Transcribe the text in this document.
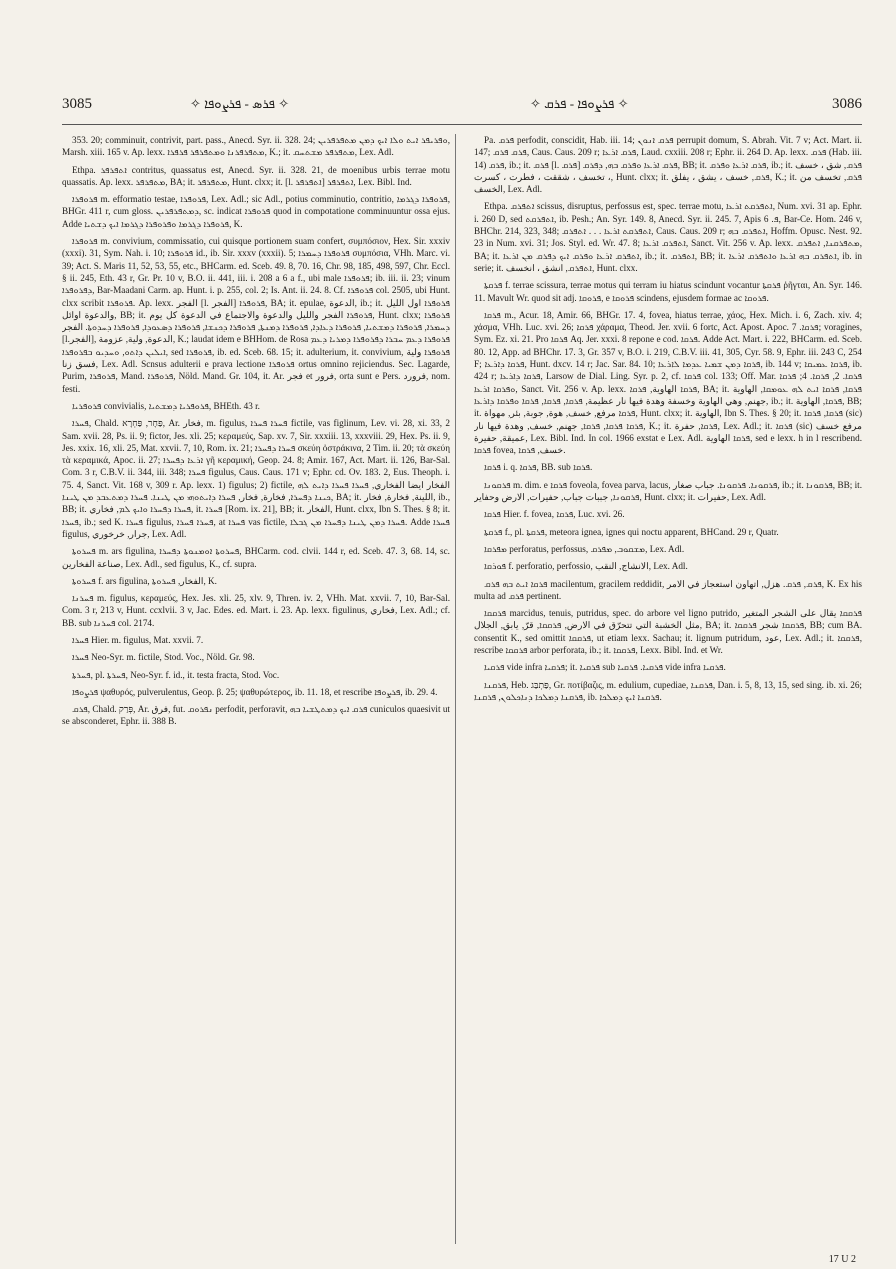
3085	✧ ܦܪܣ - ܦܪܨܘܦܐ ✧	✧ ܦܪܨܘܦܐ - ܦܪܩ ✧	3086

353. 20; comminuit, contrivit, part. pass., Anecd. Syr. ii. 328. 24; ܘܦܪܝܦܪ ܐܝܬ ܘܠܐ ܐܝܟ ܕܡܢ ܡܬܦܪܦܪܝܢ, Marsh. xiii. 165 v. Ap. lexx. ܡܬܦܪܦܪܢܐ ܘܡܬܦܪܦܪ ܦܪܦܪܐ, K.; it. ܡܬܦܪܦܪ ܡܫܬܚܩ, Lex. Adl.

Ethpa. ܐܬܦܪܦܪ contritus, quassatus est, Anecd. Syr. ii. 328. 21, de moenibus urbis terrae motu quassatis. Ap. lexx. ܡܬܦܪܦܪ, BA; it. ܡܬܦܪܦܪ, Hunt. clxx; it. [l. ܐܬܦܪܦܪ] ܐܬܦܪܦܪ, Lex. Bibl. Ind.

ܦܪܘܦܪܐ m. efformatio testae, ܦܪܘܦܪܐ, Lex. Adl.; sic Adl., potius comminutio, contritio, ܦܪܘܦܪܐ ܕܓܪܡܐ, BHGr. 411 r, cum gloss. ܕܡܬܦܪܦܪܝܢ, sc. indicat ܦܪܘܦܪܐ quod in compotatione comminuuntur ossa ejus. Adde ܦܪܘܦܪܐ ܕܓܪܡܐ ܘܦܪܘܦܪܐ ܕܓܪܡܐ ܐܝܟ ܕܫܬܝܐ, K.

ܦܪܘܦܪܐ m. convivium, commissatio, cui quisque portionem suam confert, συμπόσιον, Hex. Sir. xxxiv (xxxi). 31, Sym. Nah. i. 10; ܦܪܘܦܪܐ id., ib. Sir. xxxv (xxxii). 5; ܦܪܘܦܪܐ ܕܚܡܪܐ συμπόσια, VHh. Marc. vi. 39; Act. S. Maris 11, 52, 53, 55, etc., BHCarm. ed. Sceb. 49. 8, 70. 16, Chr. 98, 185, 498, 597, Chr. Eccl. § ii. 245, Eth. 43 r, Gr. Pr. 10 v, B.O. ii. 441, iii. i. 208 a 6 a f., ubi male ܦܪܘܦܪܐ; ib. iii. ii. 23; vinum ܕܦܪܘܦܪܐ, Bar-Maadani Carm. ap. Hunt. i. p. 255, col. 2; Is. Ant. ii. 24. 8. Cf. ܦܪܘܦܪܐ col. 2505, ubi Hunt. clxx scribit ܦܪܘܦܪܐ. Ap. lexx. الفجر [l. الفجر] ܦܪܘܦܪܐ, BA; it. epulae, الدعوة, ib.; it. ܦܪܘܦܪܐ اول الليل والدعوة اوائل, BB; it. ܦܪܘܦܪܐ الفجر والليل والدعوة والاجتماع في الدعوة كل يوم, Hunt. clxx; ܦܪܘܦܪܐ ܕܚܡܪܐ, ܦܪܘܦܪܐ ܕܡܫܬܝܐ, ܦܪܘܦܪܐ ܕܥܐܕܐ, ܦܪܘܦܪܐ ܕܡܢܬܐ, ܦܪܘܦܪܐ ܕܟܢܫܐ, ܦܪܘܦܪܐ ܕܣܥܘܕܐ, ܦܪܘܦܪܐ ܕܚܕܘܬܐ. الفجر [l.الفجر], الدعوة, ولية, عزومة, K.; laudat idem e BHHom. de Rosa ܦܪܘܦܪܐ ܕܥܡ ܚܒܪܐ ܕܦܪܘܦܪܐ ܕܡܪܝܐ ܕܥܡ ܐܝܠܝܢ ܕܐܬܘ, ܘܚܕܝܘ ܒܦܪܘܦܪܐ, sed ܦܪܘܦܪܐ, ib. ed. Sceb. 68. 15; it. adulterium, it. convivium, ܦܪܘܦܪܐ ولية فسق زنا, Lex. Adl. Scnsus adulterii e prava lectione ܦܪܘܦܪܐ ortus omnino rejiciendus. Sec. Lagarde, Purim, ܦܪܘܦܪܐ, Mand. ܦܪܘܦܪܐ, Nöld. Mand. Gr. 104, it. Ar. فجر et فرور, orta sunt e Pers. فرورد, nom. festi.

ܦܪܘܦܪܝܐ convivialis, ܦܪܘܦܪܝܐ ܕܡܫܬܝܐ, BHEth. 43 r.

ܦܚܪܐ, Chald. פַּחָר, פַּחְרָא, Ar. فخار, m. figulus, ܦܚܪܐ ܦܚܪܐ fictile, vas figlinum, Lev. vi. 28, xi. 33, 2 Sam. xvii. 28, Ps. ii. 9; fictor, Jes. xli. 25; κεραμεύς, Sap. xv. 7, Sir. xxxiii. 13, xxxviii. 29, Hex. Ps. ii. 9, Jes. xxix. 16, xli. 25, Mat. xxvii. 7, 10, Rom. ix. 21; ܦܚܪܐ ܕܦܚܪܐ σκεύη ὀστράκινα, 2 Tim. ii. 20; τὰ σκεύη τὰ κεραμικά, Apoc. ii. 27; ܐܪܥܐ ܕܦܚܪܐ γῆ κεραμική, Geop. 24. 8; Amir. 167, Act. Mart. ii. 126, Bar-Sal. Com. 3 r, C.B.V. ii. 344, iii. 348; ܦܚܪܐ figulus, Caus. Caus. 171 v; Ephr. cd. Ov. 183. 2, Eus. Theoph. i. 75. 4, Sanct. Vit. 168 v, 309 r. Ap. lexx. 1) figulus; 2) fictile, الفخار ايضا الفخاري, ܦܚܪܐ ܦܚܪܐ ܕܐܝܬ ܠܗ ܟܝܢܐ ܕܦܚܪܐ, فخارة, فخار, ܦܚܪܐ ܕܐܝܬܘܗܝ ܡܢ ܛܝܢܐ. ܦܚܪܐ ܕܡܬܥܒܕ ܡܢ ܛܝܢܐ, BA; it. اللينة, فخارة, فخار, ib., BB; it. ܦܚܪܐ ܕܦܚܪܐ ܘܐܝܟ ܠܡ, فخاري, it. ܦܚܪܐ [Rom. ix. 21], BB; it. الفخار, Hunt. clxx, Ibn S. Thes. § 8; it. ܦܚܪܐ, ib.; sed K. ܦܚܪܐ figulus, ܦܚܪܐ ܦܚܪܐ, at ܦܚܪܐ vas fictile, ܦܚܪܐ ܕܡܢ ܛܝܢܐ ܕܦܚܪܐ ܡܢ ܓܒܠܐ. Adde ܦܚܪܐ figulus, جرار, خرخوري, Lex. Adl.

ܦܚܪܘܬܐ m. ars figulina, ܦܚܪܘܬܐ ܐܘܡܢܘܬܐ ܕܦܚܪܐ, BHCarm. cod. clvii. 144 r, ed. Sceb. 47. 3, 68. 14, sc. صناعة الفخارين, Lex. Adl., sed figulus, K., cf. supra.

ܦܚܪܘܬܐ f. ars figulina, الفخار, ܦܚܪܘܬܐ, K.

ܦܚܪܢܐ m. figulus, κεραμεύς, Hex. Jes. xli. 25, xlv. 9, Thren. iv. 2, VHh. Mat. xxvii. 7, 10, Bar-Sal. Com. 3 r, 213 v, Hunt. ccxlvii. 3 v, Jac. Edes. ed. Mart. i. 23. Ap. lexx. figulinus, فخاري, Lex. Adl.; cf. BB. sub ܦܚܪܢܐ col. 2174.

ܦܚܪܐ Hier. m. figulus, Mat. xxvii. 7.

ܦܚܪܐ Neo-Syr. m. fictile, Stod. Voc., Nöld. Gr. 98.

ܦܚܪܬܐ, pl. ܦܚܪܬܐ, Neo-Syr. f. id., it. testa fracta, Stod. Voc.

ܦܪܨܘܦܐ ψαθυρός, pulverulentus, Geop. β. 25; ψαθυρώτερος, ib. 11. 18, et rescribe ܦܪܨܘܦܐ, ib. 29. 4.

ܦܪܩ, Chald. פְּרַק, Ar. فرق, fut. ܢܦܪܘܩ perfodit, perforavit, ܦܪܩ ܐܝܟ ܕܡܬܛܫܝܐ ܒܗ cuniculos quaesivit ut se absconderet, Ephr. ii. 388 B.

Pa. ܦܪܩ perfodit, conscidit, Hab. iii. 14; ܦܪܩ ܐܢܘܢ perrupit domum, S. Abrah. Vit. 7 v; Act. Mart. ii. 147; ܦܪܩ ܦܪܩ, Caus. Caus. 209 r; ܦܪܩ ܐܪܥܐ, Laud. cxxiii. 208 r; Ephr. ii. 264 D. Ap. lexx. ܦܪܩ (Hab. iii. 14) ܦܪܩ, ib.; it. ܦܪܩ [l. ܦܪܩ] ܦܪܩ ܐܪܥܐ ܘܦܪܩ ܒܗ, ܕܦܪܩ, BB; it. ܦܪܩ ܐܪܥܐ ܘܦܪܩ, ib.; it. ܦܪܩ, شق ، خسف ، تخسف ، شققت ، فطرت ، كسرت, Hunt. clxx; it. ܦܪܩ, خسف ، يشق ، يفلق, K.; it. ܦܪܩ, تخسف من الخسف, Lex. Adl.

Ethpa. ܐܬܦܪܩ scissus, disruptus, perfossus est, spec. terrae motu, ܐܬܦܪܩܬ ܐܪܥܐ, Num. xvi. 31 ap. Ephr. i. 260 D, sed ܐܬܦܪܩܬ, ib. Pesh.; An. Syr. 149. 8, Anecd. Syr. ii. 245. 7, Apis ܦ. 6, Bar-Ce. Hom. 246 v, BHChr. 214, 323, 348; ܐܬܦܪܩܬ ܐܪܥܐ . . . ܐܬܦܪܩ, Caus. Caus. 209 r; ܐܬܦܪܩ ܒܗ, Hoffm. Opusc. Nest. 92. 23 in Num. xvi. 31; Jos. Styl. ed. Wr. 47. 8; ܐܬܦܪܩ ܐܪܥܐ, Sanct. Vit. 256 v. Ap. lexx. ܡܬܦܪܩܢܐ, ܐܬܦܪܩ, BA; it. ܐܬܦܪܩ ܐܪܥܐ ܘܦܪܩ ܐܝܟ ܕܦܪܩ ܡܢ ܐܪܥܐ, ib.; it. ܐܬܦܪܩ, BB; it. ܐܬܦܪܩ ܒܗ ܐܪܥܐ ܘܐܬܦܪܩ ܐܪܥܐ, ib. in serie; it. ܐܬܦܪܩ, انشق ، انخسف, Hunt. clxx.

ܦܪܩܬܐ f. terrae scissura, terrae motus qui terram iu hiatus scindunt vocantur ܦܪܩܬܐ ῥῆγται, An. Syr. 146. 11. Mavult Wr. quod sit adj. ܦܪܘܩܐ, e ܦܪܘܩܐ scindens, ejusdem formae ac ܦܪܘܩܐ.

ܦܪܩܐ m., Acur. 18, Amir. 66, BHGr. 17. 4, fovea, hiatus terrae, χάος, Hex. Mich. i. 6, Zach. xiv. 4; χάσμα, VHh. Luc. xvi. 26; ܦܪܩܐ χάραμα, Theod. Jer. xvii. 6 fortc, Act. Apost. Apoc. ܦܪܩܐ. 7; voragines, Sym. Ez. xi. 21. Pro ܦܪܩܐ Aq. Jer. xxxi. 8 repone e cod. ܦܪܩܐ. Adde Act. Mart. i. 222, BHCarm. ed. Sceb. 80. 12, App. ad BHChr. 17. 3, Gr. 357 v, B.O. i. 219, C.B.V. iii. 41, 305, Cyr. 58. 9, Ephr. iii. 243 C, 254 F; ܦܪܩܐ ܕܐܪܥܐ, Hunt. dxcv. 14 r; Jac. Sar. 84. 10; ܦܪܩܐ ܕܡܢ ܫܡܝܐ ܥܕܡܐ ܠܐܪܥܐ, ib. 144 v; ܦܪܩܐ ܥܡܝܩܐ, ib. 424 r; ܦܪܩܐ ܕܐܪܥܐ, Larsow de Dial. Ling. Syr. p. 2, cf. ܦܪܩܐ col. 133; Off. Mar. ܦܪܩܐ. 2, ܦܪܩܐ. 4; ܦܪܩܐ ܘܦܪܩܐ ܐܪܥܐ, Sanct. Vit. 256 v. Ap. lexx. ܦܪܩܐ الهاوية, ܦܪܩܐ, BA; it. ܦܪܩܐ, ܦܪܩܐ ܐܝܬ ܠܗ ܥܘܡܩܐ, الهاوية جهنم, وهي الهاوية وخسفة وهدة فيها نار عظيمة, ܦܪܩܐ, ܦܪܩܐ, ܦܪܩܐ ܘܦܪܩܐ ܕܐܪܥܐ, ib.; it. ܦܪܩܐ, الهاوية, BB; it. ܦܪܩܐ مرفع, خسف, هوة, جوبة, بئر, مهواة, Hunt. clxx; it. الهاوية, Ibn S. Thes. § 20; it. ܦܪܩܐ, ܦܪܩܐ (sic) ܦܪܩܐ ܦܪܩܐ, ܦܪܩܐ, جهنم, خسف, وهدة فيها نار, K.; it. ܦܪܩܐ, حفرة, Lex. Adl.; it. ܦܪܩܐ (sic) مرفع خسف عميقة, حفيرة, Lex. Bibl. Ind. In col. 1966 exstat e Lex. Adl. ܦܪܩܐ الهاوية, sed e lexx. h in l rescribend. ܦܪܩܐ fovea, خسف, ܦܪܩܐ.

ܦܪܩܐ i. q. ܦܪܩܐ, BB. sub ܦܪܩܐ.

ܦܪܩܘܢܐ m. dim. e ܦܪܩܐ foveola, fovea parva, lacus, ܦܪܩܘܢܐ. ܦܪܩܘܢܐ. جباب صغار, ib.; it. ܦܪܩܘܢܐ, BB; it. ܦܪܩܘܢܐ, جببات جباب, حفيرات, الارض وحفاير, Hunt. clxx; it. حفيرات, Lex. Adl.

ܦܪܩܐ Hier. f. fovea, ܦܪܩܐ, Luc. xvi. 26.

ܦܪܩܬܐ f., pl. ܦܪܩܬܐ, meteora ignea, ignes qui noctu apparent, BHCand. 29 r, Quatr.

ܡܦܪܩܐ perforatus, perfossus, ܡܫܩܘܒ, ܡܦܪܩ, Lex. Adl.

ܦܘܪܩܐ f. perforatio, perfossio, الانشاج, النقب, Lex. Adl.

ܦܪܩܐ ܐܝܬ ܒܗ ܦܪܩ macilentum, gracilem reddidit, ܦܪܩ, ܦܪܩ. هزل, اتهاون استعجاز في الامر, K. Ex his multa ad ܦܪܩ pertinent.

ܦܪܩܩܐ marcidus, tenuis, putridus, spec. do arbore vel ligno putrido, ܦܪܩܩܐ يقال على الشجر المتغير مثل الخشبة التي تتحرّق في الارض, ܦܪܩܩܐ, قرّ, يابق, الجلال, BA; it. ܦܪܩܩܐ شجر ܦܪܩܩܐ, BB; cum BA. consentit K., sed omittit ܦܪܩܩܐ, ut etiam lexx. Sachau; it. lignum putridum, عود, Lex. Adl.; it. ܦܪܩܩܐ, rescribe ܦܪܩܩܐ arbor perforata, ib.; it. ܦܪܩܩܐ, Lexx. Bibl. Ind. et Wr.

ܦܪܩܝܐ vide infra ܦܪܩܝܐ; it. ܦܪܩܝܐ sub ܦܪܩܝܐ. ܦܪܩܝܐ vide infra ܦܪܩܝܐ.

ܦܪܩܢܐ, Heb. פַּתְבַּג, Gr. ποτίβαζις, m. edulium, cupediae, ܦܪܩܢܐ, Dan. i. 5, 8, 13, 15, sed sing. ib. xi. 26; ܦܪܩܢܐ ܕܡܠܟܐ ܕܢܐܟܠܘܢ, ܦܪܩܢܐ, ib. ܦܪܩܢܐ ܐܝܟ ܕܡܠܟܐ.

17 U 2
